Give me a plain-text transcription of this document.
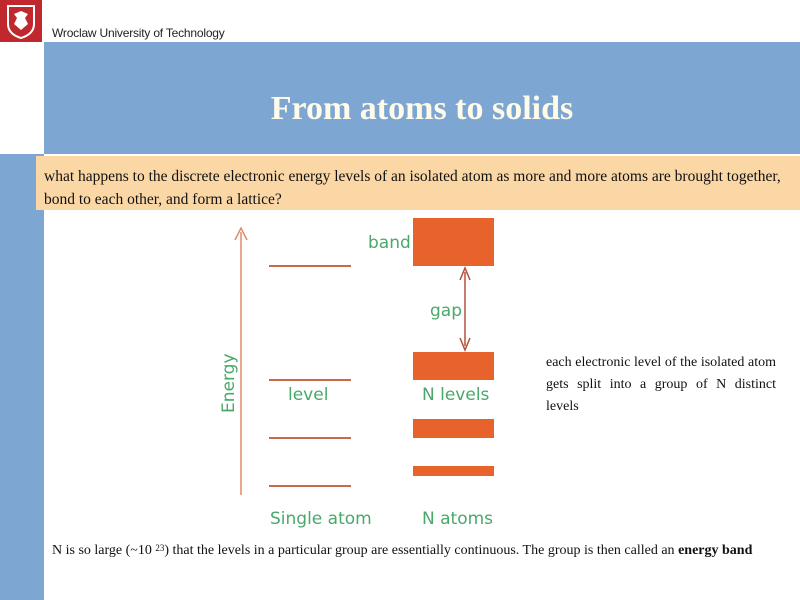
Wroclaw University of Technology
From atoms to solids
what happens to the discrete electronic energy levels of an isolated atom as more and more atoms are brought together, bond to each other, and form a lattice?
Energy	level
Single atom
band
gap
N levels
N atoms
each electronic level of the isolated atom gets split into a group of N distinct levels
N is so large (~10 $^{23}$) that the levels in a particular group are essentially continuous. The group is then called an energy band
